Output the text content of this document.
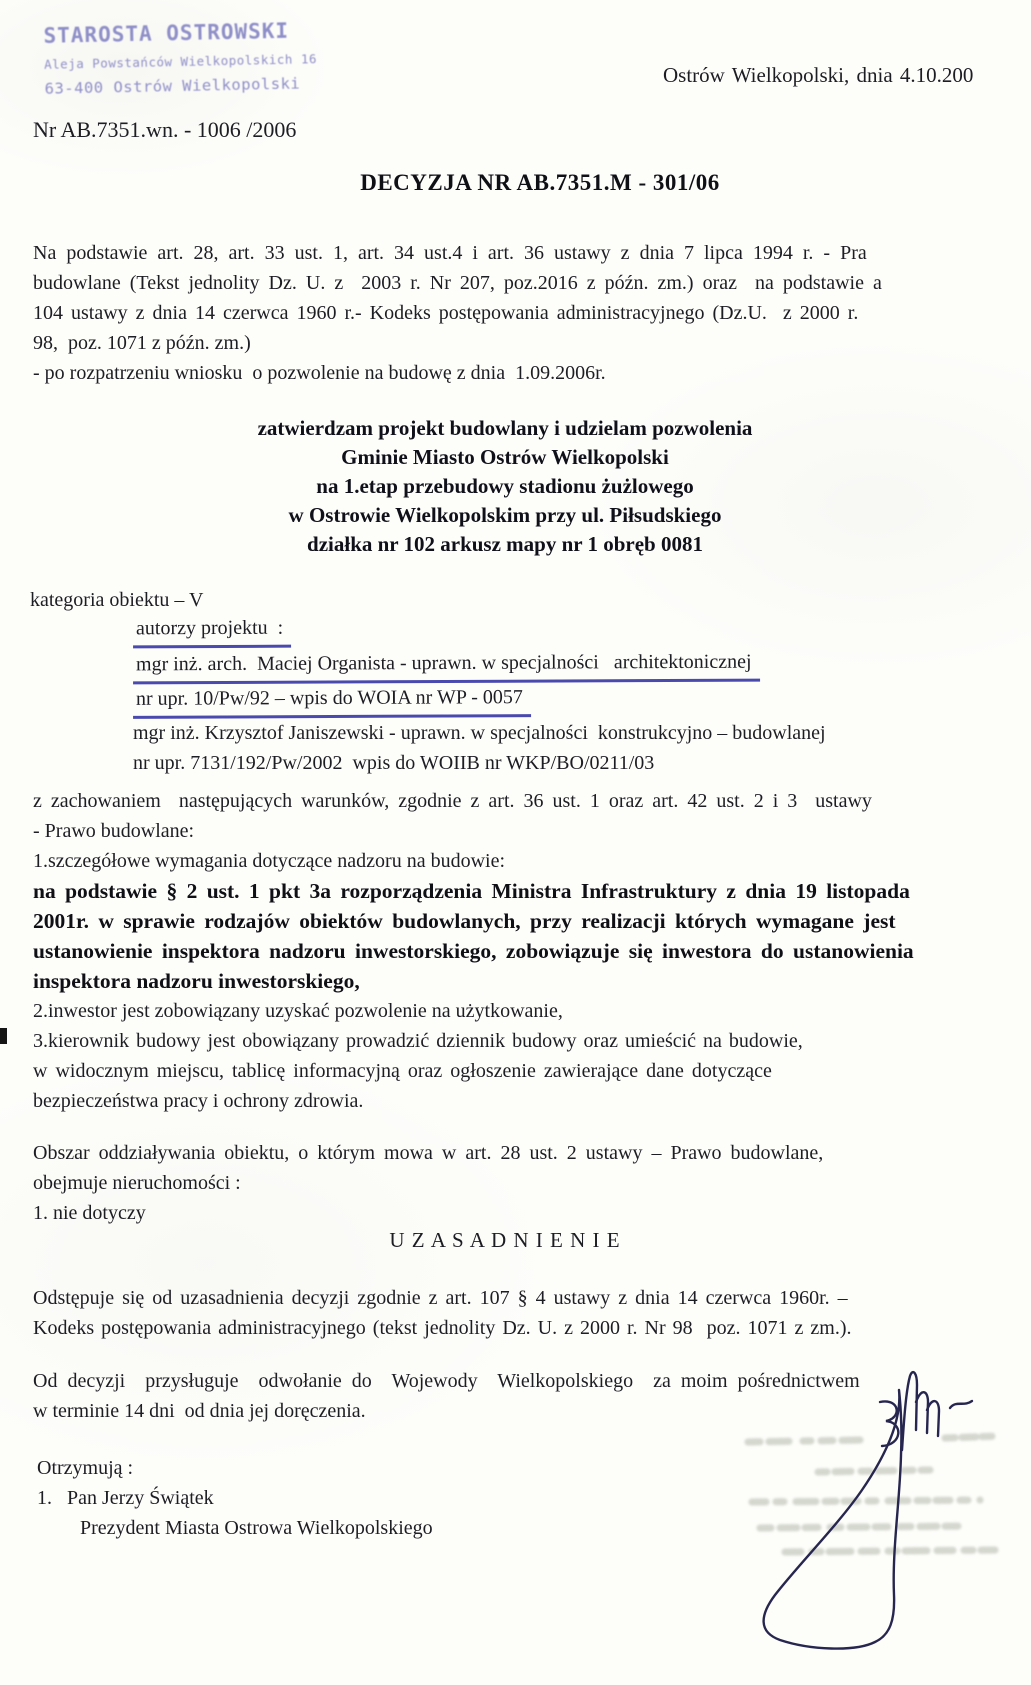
STAROSTA OSTROWSKI
Aleja Powstańców Wielkopolskich 16
63-400 Ostrów Wielkopolski	Ostrów Wielkopolski, dnia 4.10.200
Nr AB.7351.wn. - 1006 /2006
DECYZJA NR AB.7351.M - 301/06
Na podstawie art. 28, art. 33 ust. 1, art. 34 ust.4 i art. 36 ustawy z dnia 7 lipca 1994 r. - Pra
budowlane (Tekst jednolity Dz. U. z  2003 r. Nr 207, poz.2016 z późn. zm.) oraz  na podstawie a
104 ustawy z dnia 14 czerwca 1960 r.- Kodeks postępowania administracyjnego (Dz.U.  z 2000 r.
98,  poz. 1071 z późn. zm.)
- po rozpatrzeniu wniosku  o pozwolenie na budowę z dnia  1.09.2006r.
zatwierdzam projekt budowlany i udzielam pozwolenia
Gminie Miasto Ostrów Wielkopolski
na 1.etap przebudowy stadionu żużlowego
w Ostrowie Wielkopolskim przy ul. Piłsudskiego
działka nr 102 arkusz mapy nr 1 obręb 0081
kategoria obiektu – V
autorzy projektu  :
mgr inż. arch.  Maciej Organista - uprawn. w specjalności   architektonicznej
nr upr. 10/Pw/92 – wpis do WOIA nr WP - 0057
mgr inż. Krzysztof Janiszewski - uprawn. w specjalności  konstrukcyjno – budowlanej
nr upr. 7131/192/Pw/2002  wpis do WOIIB nr WKP/BO/0211/03
z zachowaniem  następujących warunków, zgodnie z art. 36 ust. 1 oraz art. 42 ust. 2 i 3  ustawy
- Prawo budowlane:
1.szczegółowe wymagania dotyczące nadzoru na budowie:
na podstawie § 2 ust. 1 pkt 3a rozporządzenia Ministra Infrastruktury z dnia 19 listopada
2001r. w sprawie rodzajów obiektów budowlanych, przy realizacji których wymagane jest
ustanowienie inspektora nadzoru inwestorskiego, zobowiązuje się inwestora do ustanowienia
inspektora nadzoru inwestorskiego,
2.inwestor jest zobowiązany uzyskać pozwolenie na użytkowanie,
3.kierownik budowy jest obowiązany prowadzić dziennik budowy oraz umieścić na budowie,
w widocznym miejscu, tablicę informacyjną oraz ogłoszenie zawierające dane dotyczące
bezpieczeństwa pracy i ochrony zdrowia.
Obszar oddziaływania obiektu, o którym mowa w art. 28 ust. 2 ustawy – Prawo budowlane,
obejmuje nieruchomości :
1. nie dotyczy
U Z A S A D N I E N I E
Odstępuje się od uzasadnienia decyzji zgodnie z art. 107 § 4 ustawy z dnia 14 czerwca 1960r. –
Kodeks postępowania administracyjnego (tekst jednolity Dz. U. z 2000 r. Nr 98  poz. 1071 z zm.).
Od decyzji  przysługuje  odwołanie do  Wojewody  Wielkopolskiego  za moim pośrednictwem
w terminie 14 dni  od dnia jej doręczenia.
Otrzymują :
1.   Pan Jerzy Świątek
Prezydent Miasta Ostrowa Wielkopolskiego
